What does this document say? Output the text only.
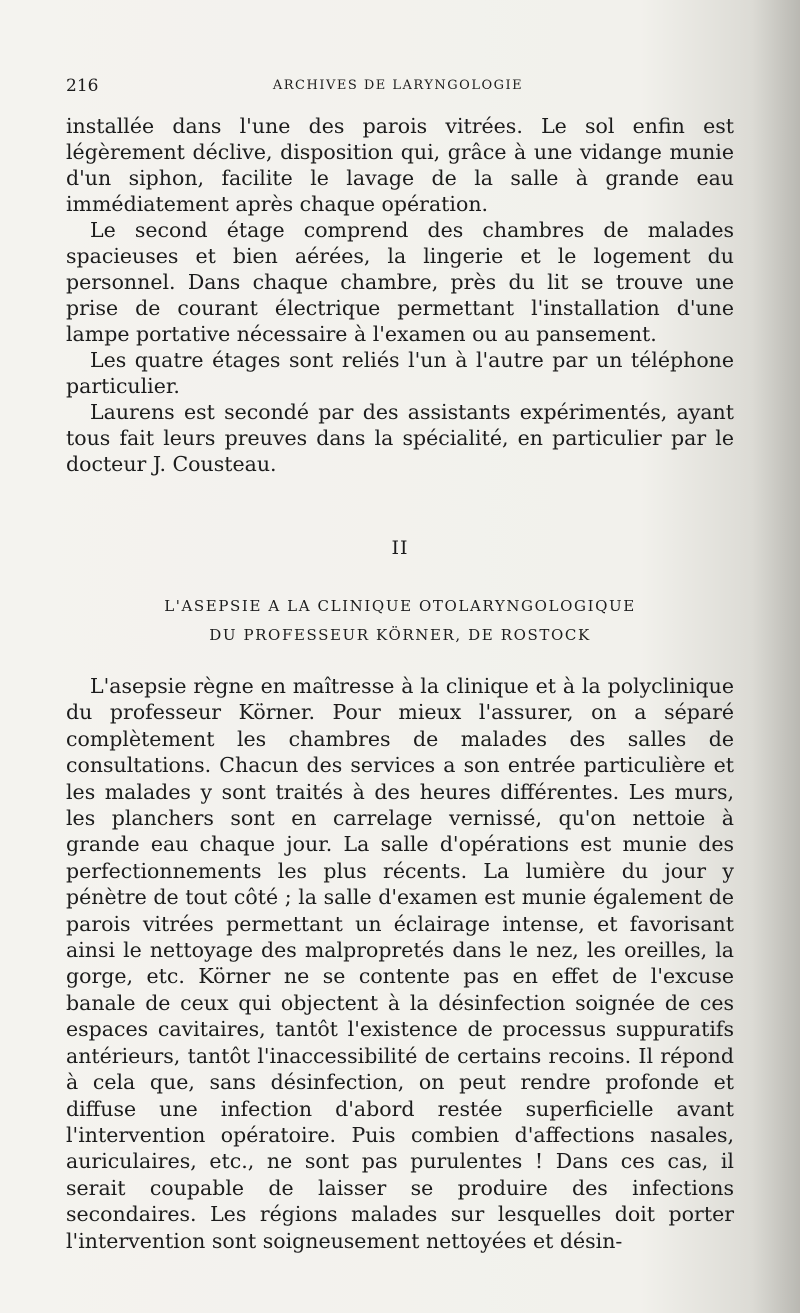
216	ARCHIVES DE LARYNGOLOGIE

installée dans l'une des parois vitrées. Le sol enfin est légèrement déclive, disposition qui, grâce à une vidange munie d'un siphon, facilite le lavage de la salle à grande eau immédiatement après chaque opération.

Le second étage comprend des chambres de malades spacieuses et bien aérées, la lingerie et le logement du personnel. Dans chaque chambre, près du lit se trouve une prise de courant électrique permettant l'installation d'une lampe portative nécessaire à l'examen ou au pansement.

Les quatre étages sont reliés l'un à l'autre par un téléphone particulier.

Laurens est secondé par des assistants expérimentés, ayant tous fait leurs preuves dans la spécialité, en particulier par le docteur J. Cousteau.

II
L'ASEPSIE A LA CLINIQUE OTOLARYNGOLOGIQUE
DU PROFESSEUR KÖRNER, DE ROSTOCK

L'asepsie règne en maîtresse à la clinique et à la polyclinique du professeur Körner. Pour mieux l'assurer, on a séparé complètement les chambres de malades des salles de consultations. Chacun des services a son entrée particulière et les malades y sont traités à des heures différentes. Les murs, les planchers sont en carrelage vernissé, qu'on nettoie à grande eau chaque jour. La salle d'opérations est munie des perfectionnements les plus récents. La lumière du jour y pénètre de tout côté ; la salle d'examen est munie également de parois vitrées permettant un éclairage intense, et favorisant ainsi le nettoyage des malpropretés dans le nez, les oreilles, la gorge, etc. Körner ne se contente pas en effet de l'excuse banale de ceux qui objectent à la désinfection soignée de ces espaces cavitaires, tantôt l'existence de processus suppuratifs antérieurs, tantôt l'inaccessibilité de certains recoins. Il répond à cela que, sans désinfection, on peut rendre profonde et diffuse une infection d'abord restée superficielle avant l'intervention opératoire. Puis combien d'affections nasales, auriculaires, etc., ne sont pas purulentes ! Dans ces cas, il serait coupable de laisser se produire des infections secondaires. Les régions malades sur lesquelles doit porter l'intervention sont soigneusement nettoyées et désin-
